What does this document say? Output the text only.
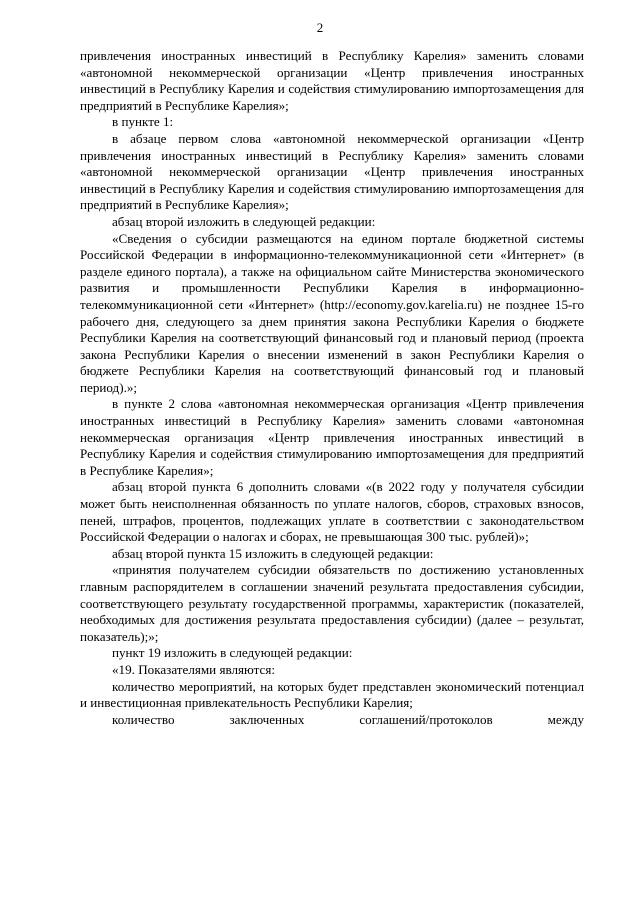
2

привлечения иностранных инвестиций в Республику Карелия» заменить словами «автономной некоммерческой организации «Центр привлечения иностранных инвестиций в Республику Карелия и содействия стимулированию импортозамещения для предприятий в Республике Карелия»;

в пункте 1:

в абзаце первом слова «автономной некоммерческой организации «Центр привлечения иностранных инвестиций в Республику Карелия» заменить словами «автономной некоммерческой организации «Центр привлечения иностранных инвестиций в Республику Карелия и содействия стимулированию импортозамещения для предприятий в Республике Карелия»;

абзац второй изложить в следующей редакции:

«Сведения о субсидии размещаются на едином портале бюджетной системы Российской Федерации в информационно-телекоммуникационной сети «Интернет» (в разделе единого портала), а также на официальном сайте Министерства экономического развития и промышленности Республики Карелия в информационно-телекоммуникационной сети «Интернет» (http://economy.gov.karelia.ru) не позднее 15-го рабочего дня, следующего за днем принятия закона Республики Карелия о бюджете Республики Карелия на соответствующий финансовый год и плановый период (проекта закона Республики Карелия о внесении изменений в закон Республики Карелия о бюджете Республики Карелия на соответствующий финансовый год и плановый период).»;

в пункте 2 слова «автономная некоммерческая организация «Центр привлечения иностранных инвестиций в Республику Карелия» заменить словами «автономная некоммерческая организация «Центр привлечения иностранных инвестиций в Республику Карелия и содействия стимулированию импортозамещения для предприятий в Республике Карелия»;

абзац второй пункта 6 дополнить словами «(в 2022 году у получателя субсидии может быть неисполненная обязанность по уплате налогов, сборов, страховых взносов, пеней, штрафов, процентов, подлежащих уплате в соответствии с законодательством Российской Федерации о налогах и сборах, не превышающая 300 тыс. рублей)»;

абзац второй пункта 15 изложить в следующей редакции:

«принятия получателем субсидии обязательств по достижению установленных главным распорядителем в соглашении значений результата предоставления субсидии, соответствующего результату государственной программы, характеристик (показателей, необходимых для достижения результата предоставления субсидии) (далее – результат, показатель);»;

пункт 19 изложить в следующей редакции:

«19. Показателями являются:

количество мероприятий, на которых будет представлен экономический потенциал и инвестиционная привлекательность Республики Карелия;

количество заключенных соглашений/протоколов между
